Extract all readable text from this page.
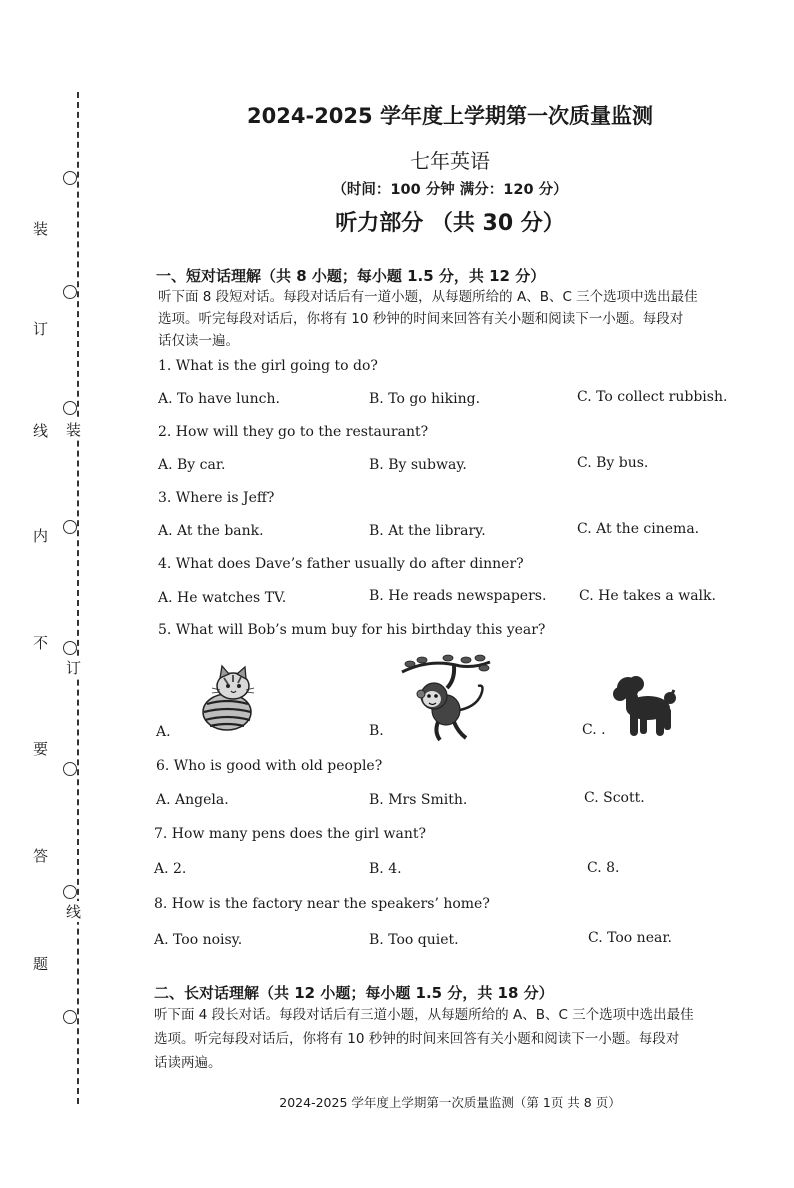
装
订
线
内
不
要
答
题
装
订
线
2024-2025 学年度上学期第一次质量监测
七年英语
（时间：100 分钟 满分：120 分）
听力部分 （共 30 分）
一、短对话理解（共 8 小题；每小题 1.5 分，共 12 分）
听下面 8 段短对话。每段对话后有一道小题，从每题所给的 A、B、C 三个选项中选出最佳
选项。听完每段对话后，你将有 10 秒钟的时间来回答有关小题和阅读下一小题。每段对
话仅读一遍。
1. What is the girl going to do?
A. To have lunch.	B. To go hiking.	C. To collect rubbish.
2. How will they go to the restaurant?
A. By car.	B. By subway.	C. By bus.
3. Where is Jeff?
A. At the bank.	B. At the library.	C. At the cinema.
4. What does Dave’s father usually do after dinner?
A. He watches TV.	B. He reads newspapers. C. He takes a walk.
5. What will Bob’s mum buy for his birthday this year?
A.	B.	C. .
6. Who is good with old people?
A. Angela.	B. Mrs Smith.	C. Scott.
7. How many pens does the girl want?
A. 2.	B. 4.	C. 8.
8. How is the factory near the speakers’ home?
A. Too noisy.	B. Too quiet.	C. Too near.
二、长对话理解（共 12 小题；每小题 1.5 分，共 18 分）
听下面 4 段长对话。每段对话后有三道小题，从每题所给的 A、B、C 三个选项中选出最佳
选项。听完每段对话后，你将有 10 秒钟的时间来回答有关小题和阅读下一小题。每段对
话读两遍。
2024-2025 学年度上学期第一次质量监测（第 1页 共 8 页）
